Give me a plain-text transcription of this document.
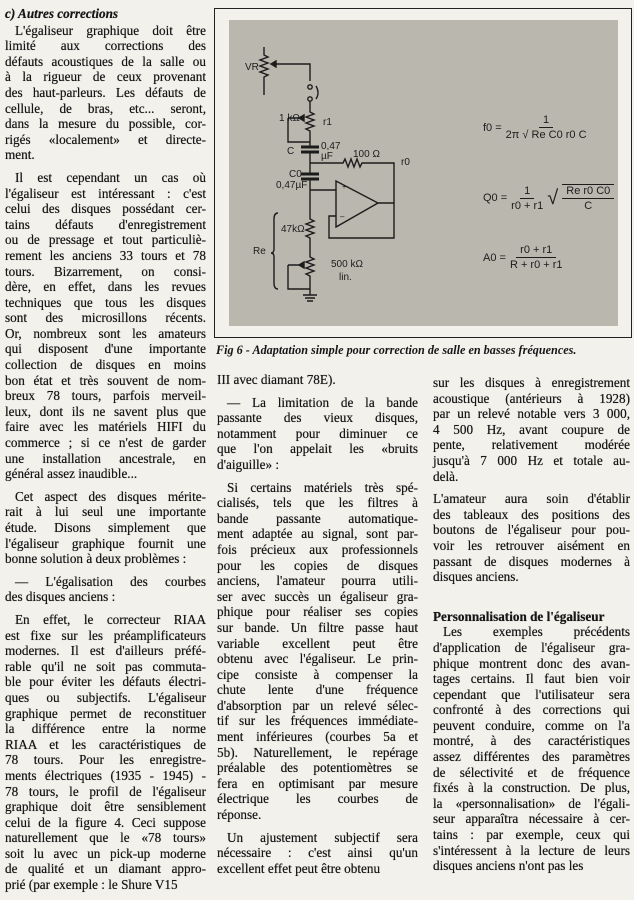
c) Autres corrections
L'égaliseur graphique doit être
limité aux corrections des
défauts acoustiques de la salle ou
à la rigueur de ceux provenant
des haut-parleurs. Les défauts de
cellule, de bras, etc... seront,
dans la mesure du possible, cor-
rigés «localement» et directe-
ment.
Il est cependant un cas où
l'égaliseur est intéressant : c'est
celui des disques possédant cer-
tains défauts d'enregistrement
ou de pressage et tout particuliè-
rement les anciens 33 tours et 78
tours. Bizarrement, on consi-
dère, en effet, dans les revues
techniques que tous les disques
sont des microsillons récents.
Or, nombreux sont les amateurs
qui disposent d'une importante
collection de disques en moins
bon état et très souvent de nom-
breux 78 tours, parfois merveil-
leux, dont ils ne savent plus que
faire avec les matériels HIFI du
commerce ; si ce n'est de garder
une installation ancestrale, en
général assez inaudible...
Cet aspect des disques mérite-
rait à lui seul une importante
étude. Disons simplement que
l'égaliseur graphique fournit une
bonne solution à deux problèmes :
— L'égalisation des courbes
des disques anciens :
En effet, le correcteur RIAA
est fixe sur les préamplificateurs
modernes. Il est d'ailleurs préfé-
rable qu'il ne soit pas commuta-
ble pour éviter les défauts électri-
ques ou subjectifs. L'égaliseur
graphique permet de reconstituer
la différence entre la norme
RIAA et les caractéristiques de
78 tours. Pour les enregistre-
ments électriques (1935 - 1945) -
78 tours, le profil de l'égaliseur
graphique doit être sensiblement
celui de la figure 4. Ceci suppose
naturellement que le «78 tours»
soit lu avec un pick-up moderne
de qualité et un diamant appro-
prié (par exemple : le Shure V15
+
–
VR
1 kΩ r1
C	0,47 µF	100 Ω
r0
C0
0,47µF
47kΩ
Re
500 kΩ
lin.
$f0 = \frac{1}{\text{2π √ Re C0 r0 C}}$
$Q0 = \frac{1}{r0 + r1}$ √ $\frac{\text{Re r0 C0}}{C}$
$A0 = \frac{r0 + r1}{R + r0 + r1}$
Fig 6 - Adaptation simple pour correction de salle en basses fréquences.
III avec diamant 78E).
— La limitation de la bande
passante des vieux disques,
notamment pour diminuer ce
que l'on appelait les «bruits
d'aiguille» :
Si certains matériels très spé-
cialisés, tels que les filtres à
bande passante automatique-
ment adaptée au signal, sont par-
fois précieux aux professionnels
pour les copies de disques
anciens, l'amateur pourra utili-
ser avec succès un égaliseur gra-
phique pour réaliser ses copies
sur bande. Un filtre passe haut
variable excellent peut être
obtenu avec l'égaliseur. Le prin-
cipe consiste à compenser la
chute lente d'une fréquence
d'absorption par un relevé sélec-
tif sur les fréquences immédiate-
ment inférieures (courbes 5a et
5b). Naturellement, le repérage
préalable des potentiomètres se
fera en optimisant par mesure
électrique les courbes de
réponse.
Un ajustement subjectif sera
nécessaire : c'est ainsi qu'un
excellent effet peut être obtenu
sur les disques à enregistrement
acoustique (antérieurs à 1928)
par un relevé notable vers 3 000,
4 500 Hz, avant coupure de
pente, relativement modérée
jusqu'à 7 000 Hz et totale au-
delà.
L'amateur aura soin d'établir
des tableaux des positions des
boutons de l'égaliseur pour pou-
voir les retrouver aisément en
passant de disques modernes à
disques anciens.
Personnalisation de l'égaliseur
Les exemples précédents
d'application de l'égaliseur gra-
phique montrent donc des avan-
tages certains. Il faut bien voir
cependant que l'utilisateur sera
confronté à des corrections qui
peuvent conduire, comme on l'a
montré, à des caractéristiques
assez différentes des paramètres
de sélectivité et de fréquence
fixés à la construction. De plus,
la «personnalisation» de l'égali-
seur apparaîtra nécessaire à cer-
tains : par exemple, ceux qui
s'intéressent à la lecture de leurs
disques anciens n'ont pas les
